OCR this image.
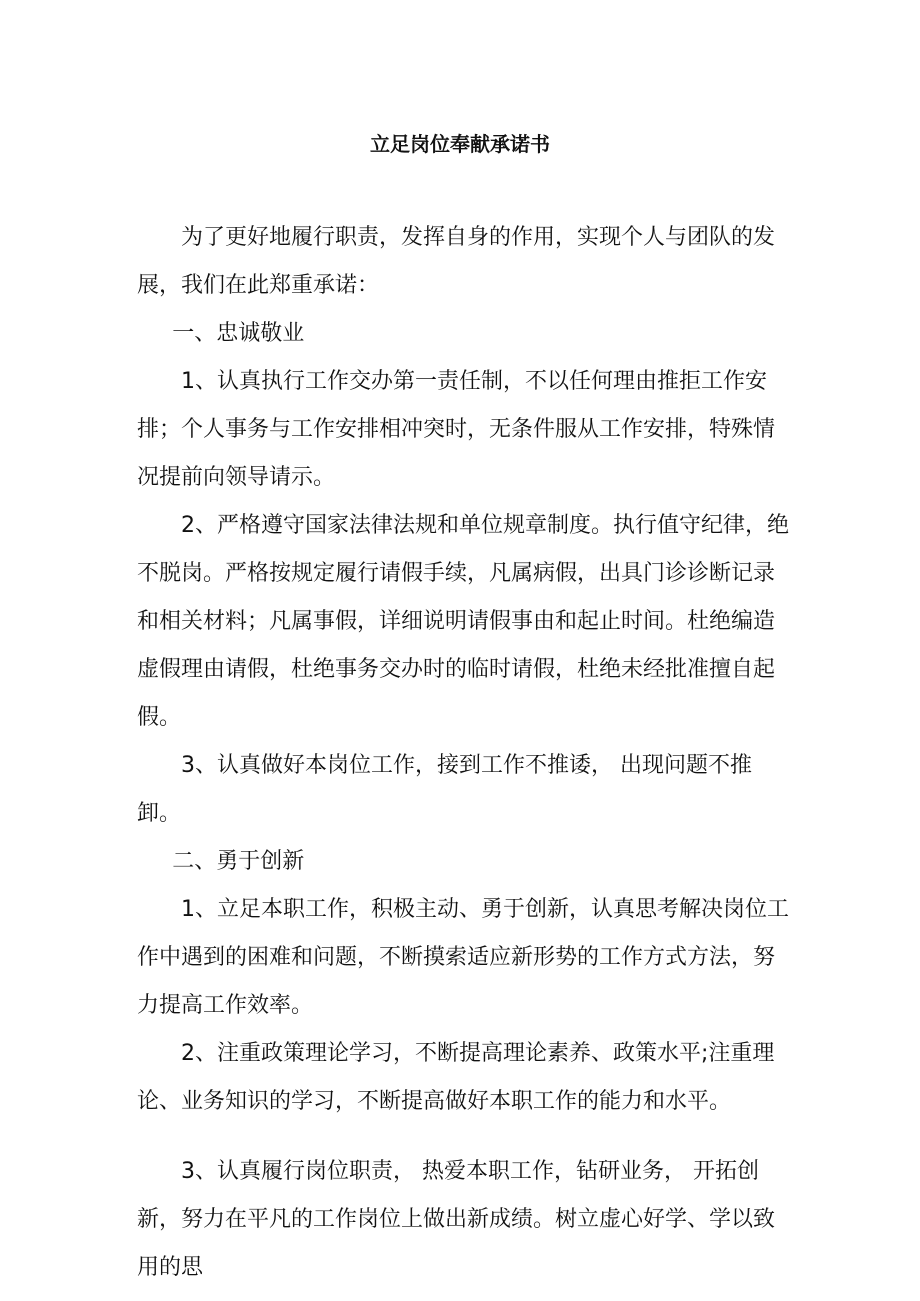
立足岗位奉献承诺书

为了更好地履行职责，发挥自身的作用，实现个人与团队的发展，我们在此郑重承诺：

一、忠诚敬业

1、认真执行工作交办第一责任制，不以任何理由推拒工作安排；个人事务与工作安排相冲突时，无条件服从工作安排，特殊情况提前向领导请示。

2、严格遵守国家法律法规和单位规章制度。执行值守纪律，绝不脱岗。严格按规定履行请假手续，凡属病假，出具门诊诊断记录和相关材料；凡属事假，详细说明请假事由和起止时间。杜绝编造虚假理由请假，杜绝事务交办时的临时请假，杜绝未经批准擅自起假。

3、认真做好本岗位工作，接到工作不推诿， 出现问题不推卸。

二、勇于创新

1、立足本职工作，积极主动、勇于创新，认真思考解决岗位工作中遇到的困难和问题，不断摸索适应新形势的工作方式方法，努力提高工作效率。

2、注重政策理论学习，不断提高理论素养、政策水平;注重理论、业务知识的学习，不断提高做好本职工作的能力和水平。

3、认真履行岗位职责， 热爱本职工作，钻研业务， 开拓创新，努力在平凡的工作岗位上做出新成绩。树立虚心好学、学以致用的思
